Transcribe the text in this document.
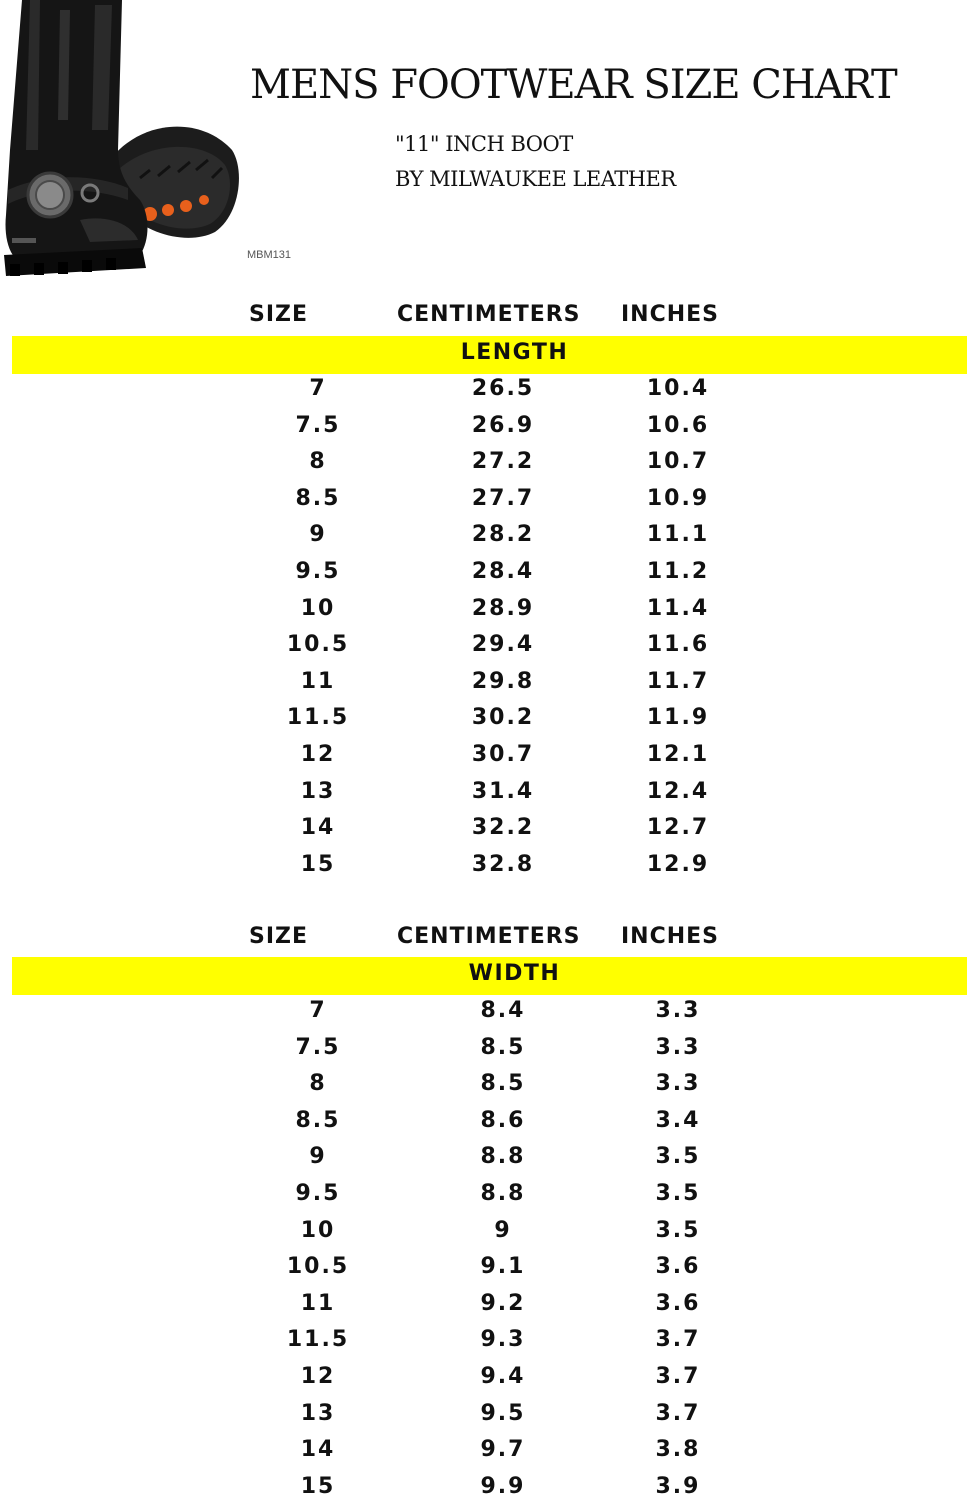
MENS FOOTWEAR SIZE CHART
"11" INCH BOOT
BY MILWAUKEE LEATHER
MBM131
SIZE	CENTIMETERS INCHES
LENGTH
7	26.5	10.4
7.5	26.9	10.6
8	27.2	10.7
8.5	27.7	10.9
9	28.2	11.1
9.5	28.4	11.2
10	28.9	11.4
10.5	29.4	11.6
11	29.8	11.7
11.5	30.2	11.9
12	30.7	12.1
13	31.4	12.4
14	32.2	12.7
15	32.8	12.9
SIZE	CENTIMETERS INCHES
WIDTH
7	8.4	3.3
7.5	8.5	3.3
8	8.5	3.3
8.5	8.6	3.4
9	8.8	3.5
9.5	8.8	3.5
10	9	3.5
10.5	9.1	3.6
11	9.2	3.6
11.5	9.3	3.7
12	9.4	3.7
13	9.5	3.7
14	9.7	3.8
15	9.9	3.9
